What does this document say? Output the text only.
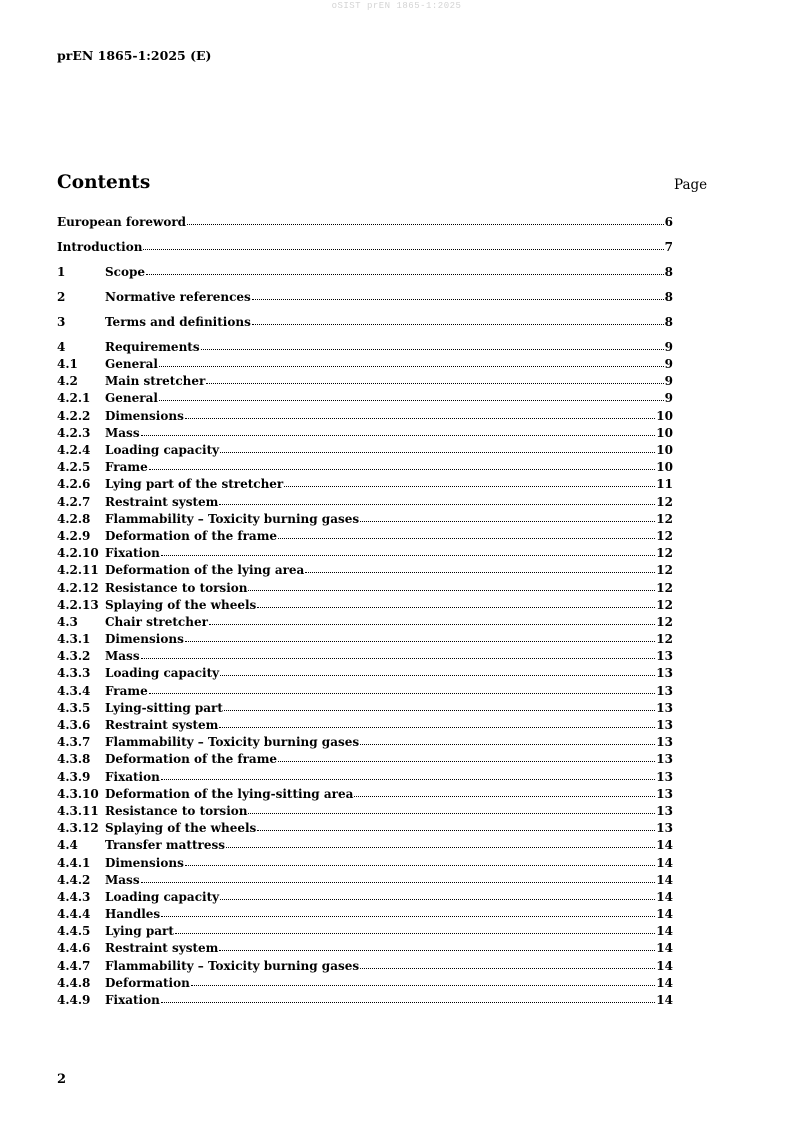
oSIST prEN 1865-1:2025
prEN 1865-1:2025 (E)
Contents	Page
European foreword	6
Introduction	7
1	Scope	8
2	Normative references	8
3	Terms and definitions	8
4	Requirements	9
4.1	General	9
4.2	Main stretcher	9
4.2.1	General	9
4.2.2	Dimensions	10
4.2.3	Mass	10
4.2.4	Loading capacity	10
4.2.5	Frame	10
4.2.6	Lying part of the stretcher	11
4.2.7	Restraint system	12
4.2.8	Flammability – Toxicity burning gases	12
4.2.9	Deformation of the frame	12
4.2.10 Fixation	12
4.2.11 Deformation of the lying area	12
4.2.12 Resistance to torsion	12
4.2.13 Splaying of the wheels	12
4.3	Chair stretcher	12
4.3.1	Dimensions	12
4.3.2	Mass	13
4.3.3	Loading capacity	13
4.3.4	Frame	13
4.3.5	Lying-sitting part	13
4.3.6	Restraint system	13
4.3.7	Flammability – Toxicity burning gases	13
4.3.8	Deformation of the frame	13
4.3.9	Fixation	13
4.3.10 Deformation of the lying-sitting area	13
4.3.11 Resistance to torsion	13
4.3.12 Splaying of the wheels	13
4.4	Transfer mattress	14
4.4.1	Dimensions	14
4.4.2	Mass	14
4.4.3	Loading capacity	14
4.4.4	Handles	14
4.4.5	Lying part	14
4.4.6	Restraint system	14
4.4.7	Flammability – Toxicity burning gases	14
4.4.8	Deformation	14
4.4.9	Fixation	14
2
